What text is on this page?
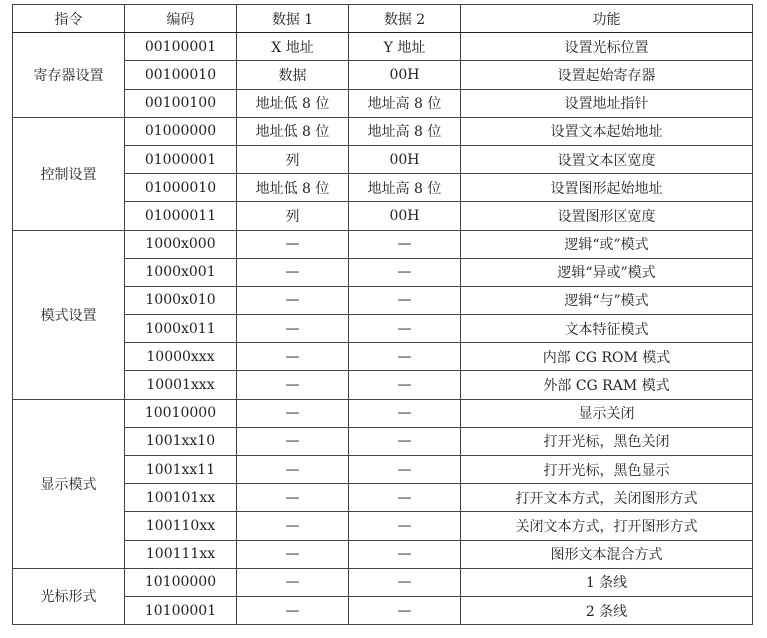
指令	编码	数据 1	数据 2	功能
寄存器设置	00100001	X 地址	Y 地址	设置光标位置
	00100010	数据	00H	设置起始寄存器
	00100100	地址低 8 位	地址高 8 位	设置地址指针
控制设置	01000000	地址低 8 位	地址高 8 位	设置文本起始地址
	01000001	列	00H	设置文本区宽度
	01000010	地址低 8 位	地址高 8 位	设置图形起始地址
	01000011	列	00H	设置图形区宽度
模式设置	1000x000	—	—	逻辑“或”模式
	1000x001	—	—	逻辑“异或”模式
	1000x010	—	—	逻辑“与”模式
	1000x011	—	—	文本特征模式
	10000xxx	—	—	内部 CG ROM 模式
	10001xxx	—	—	外部 CG RAM 模式
显示模式	10010000	—	—	显示关闭
	1001xx10	—	—	打开光标，黑色关闭
	1001xx11	—	—	打开光标，黑色显示
	100101xx	—	—	打开文本方式，关闭图形方式
	100110xx	—	—	关闭文本方式，打开图形方式
	100111xx	—	—	图形文本混合方式
光标形式	10100000	—	—	1 条线
	10100001	—	—	2 条线
